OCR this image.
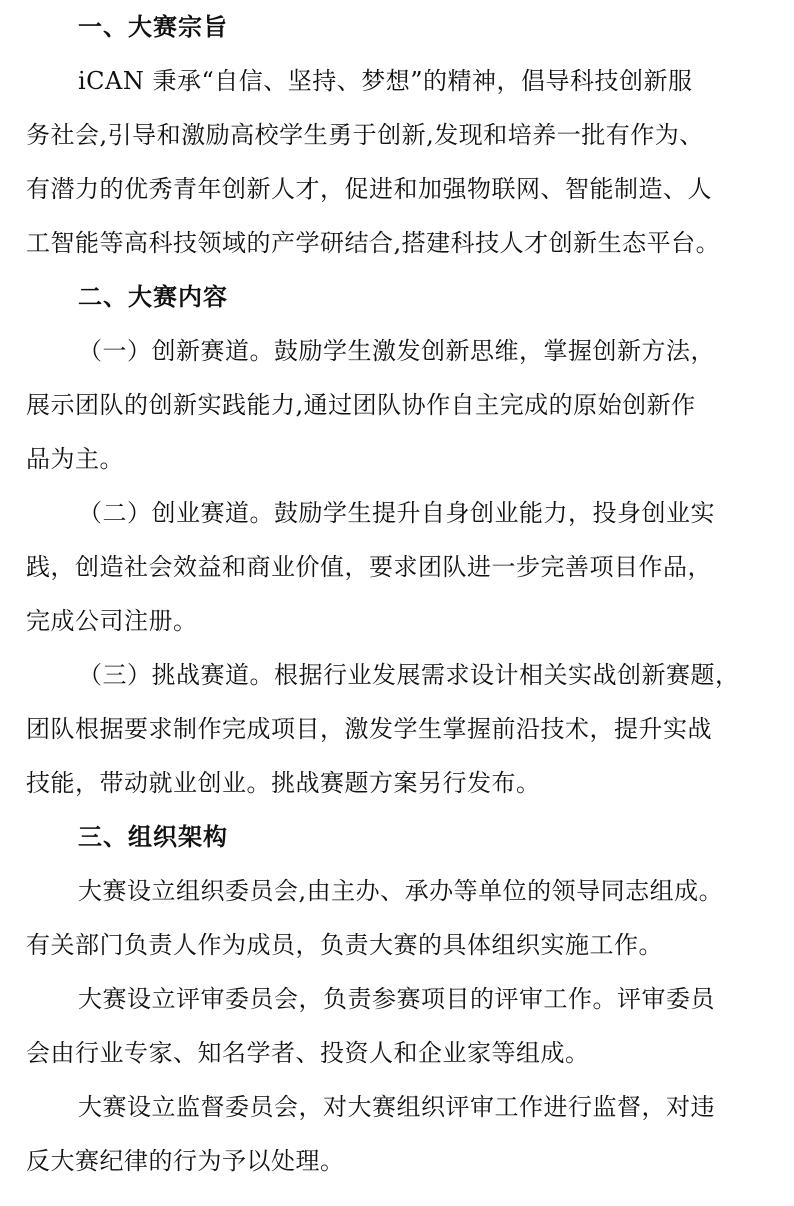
一、大赛宗旨

iCAN 秉承“自信、坚持、梦想”的精神，倡导科技创新服
务社会,引导和激励高校学生勇于创新,发现和培养一批有作为、
有潜力的优秀青年创新人才，促进和加强物联网、智能制造、人
工智能等高科技领域的产学研结合,搭建科技人才创新生态平台。

二、大赛内容

（一）创新赛道。鼓励学生激发创新思维，掌握创新方法，
展示团队的创新实践能力,通过团队协作自主完成的原始创新作
品为主。

（二）创业赛道。鼓励学生提升自身创业能力，投身创业实
践，创造社会效益和商业价值，要求团队进一步完善项目作品，
完成公司注册。

（三）挑战赛道。根据行业发展需求设计相关实战创新赛题，
团队根据要求制作完成项目，激发学生掌握前沿技术，提升实战
技能，带动就业创业。挑战赛题方案另行发布。

三、组织架构

大赛设立组织委员会,由主办、承办等单位的领导同志组成。
有关部门负责人作为成员，负责大赛的具体组织实施工作。

大赛设立评审委员会，负责参赛项目的评审工作。评审委员
会由行业专家、知名学者、投资人和企业家等组成。

大赛设立监督委员会，对大赛组织评审工作进行监督，对违
反大赛纪律的行为予以处理。
